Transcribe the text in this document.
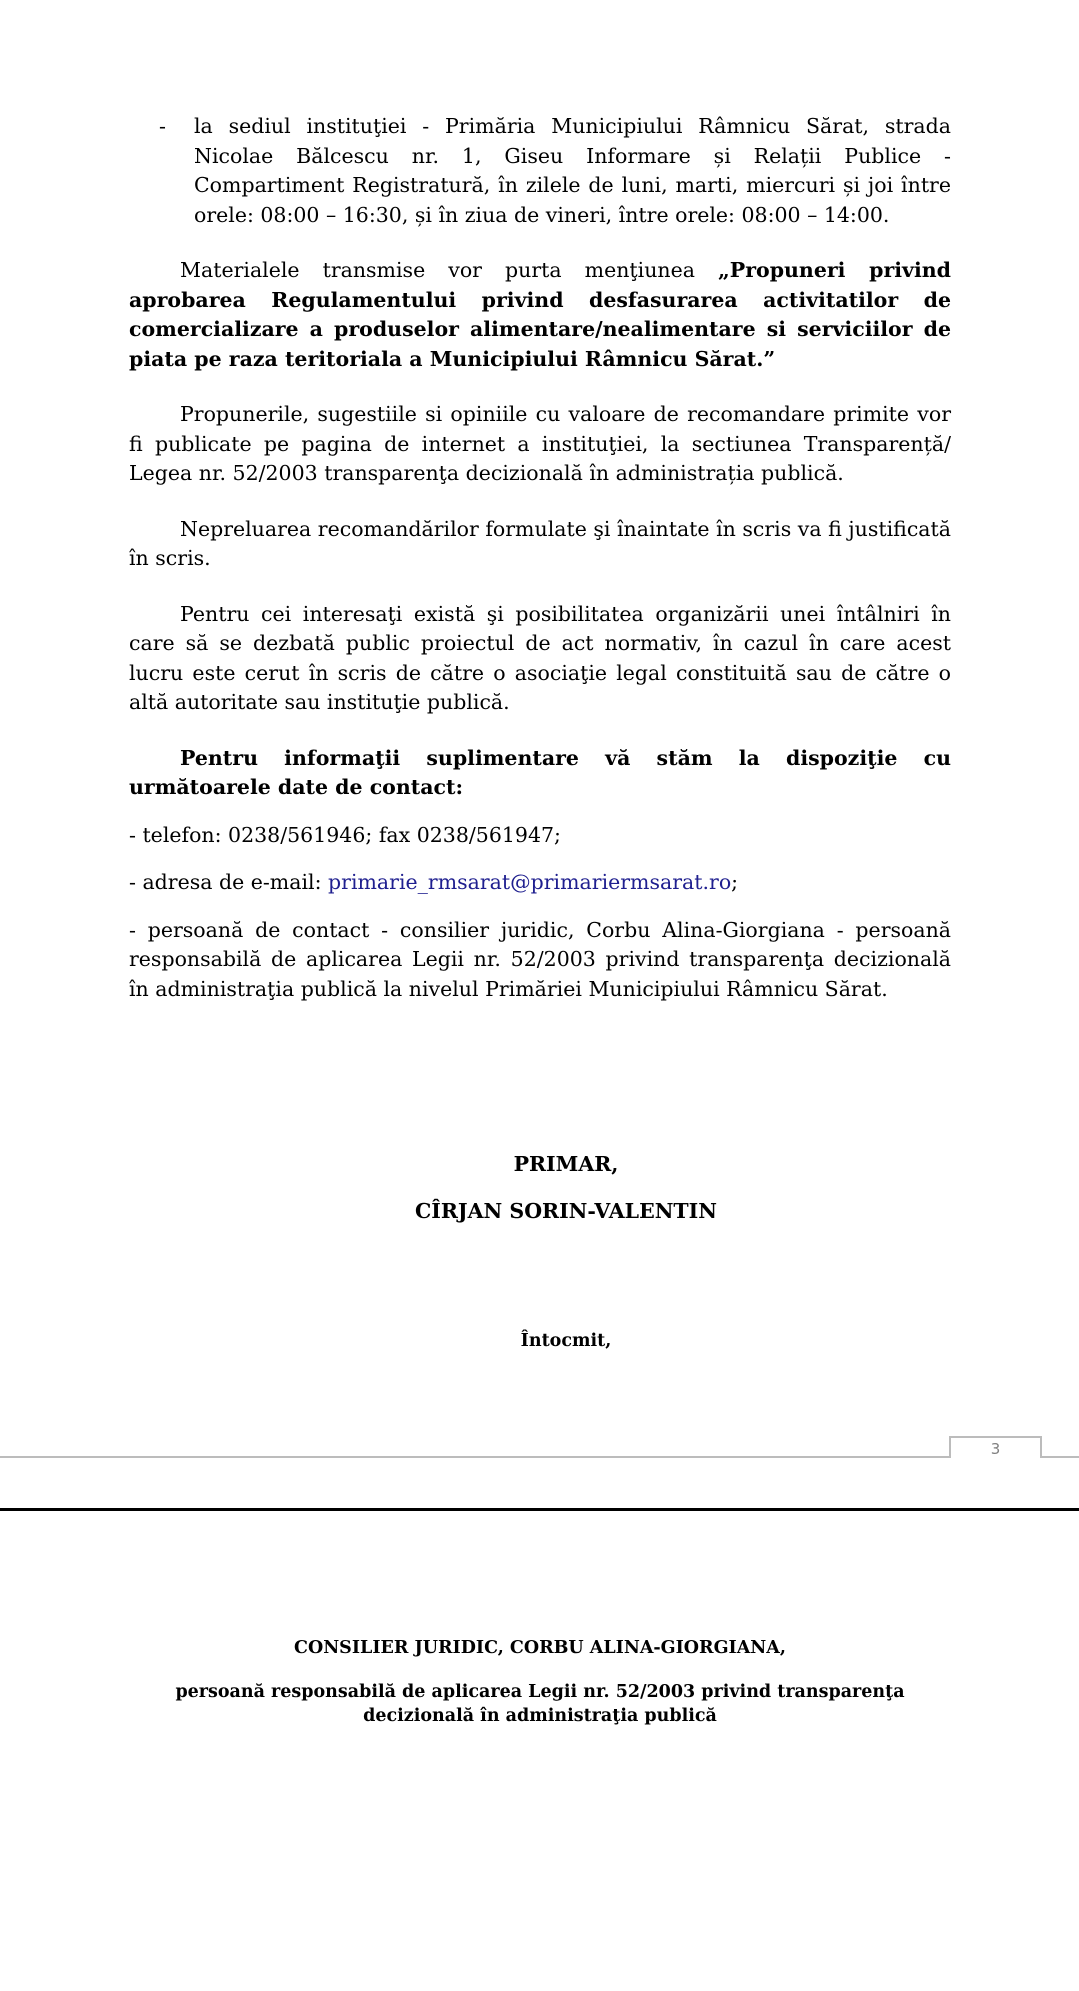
- la sediul instituţiei - Primăria Municipiului Râmnicu Sărat, strada Nicolae Bălcescu nr. 1, Giseu Informare și Relații Publice - Compartiment Registratură, în zilele de luni, marti, miercuri și joi între orele: 08:00 – 16:30, și în ziua de vineri, între orele: 08:00 – 14:00.

Materialele transmise vor purta menţiunea „Propuneri privind aprobarea Regulamentului privind desfasurarea activitatilor de comercializare a produselor alimentare/nealimentare si serviciilor de piata pe raza teritoriala a Municipiului Râmnicu Sărat.”

Propunerile, sugestiile si opiniile cu valoare de recomandare primite vor fi publicate pe pagina de internet a instituţiei, la sectiunea Transparență/ Legea nr. 52/2003 transparenţa decizională în administrația publică.

Nepreluarea recomandărilor formulate şi înaintate în scris va fi justificată în scris.

Pentru cei interesaţi există şi posibilitatea organizării unei întâlniri în care să se dezbată public proiectul de act normativ, în cazul în care acest lucru este cerut în scris de către o asociaţie legal constituită sau de către o altă autoritate sau instituţie publică.

Pentru informaţii suplimentare vă stăm la dispoziţie cu următoarele date de contact:

- telefon: 0238/561946; fax 0238/561947;

- adresa de e-mail: primarie_rmsarat@primariermsarat.ro;

- persoană de contact - consilier juridic, Corbu Alina-Giorgiana - persoană responsabilă de aplicarea Legii nr. 52/2003 privind transparenţa decizională în administraţia publică la nivelul Primăriei Municipiului Râmnicu Sărat.

PRIMAR,
CÎRJAN SORIN-VALENTIN
Întocmit,
3
CONSILIER JURIDIC, CORBU ALINA-GIORGIANA,
persoană responsabilă de aplicarea Legii nr. 52/2003 privind transparenţa decizională în administraţia publică
